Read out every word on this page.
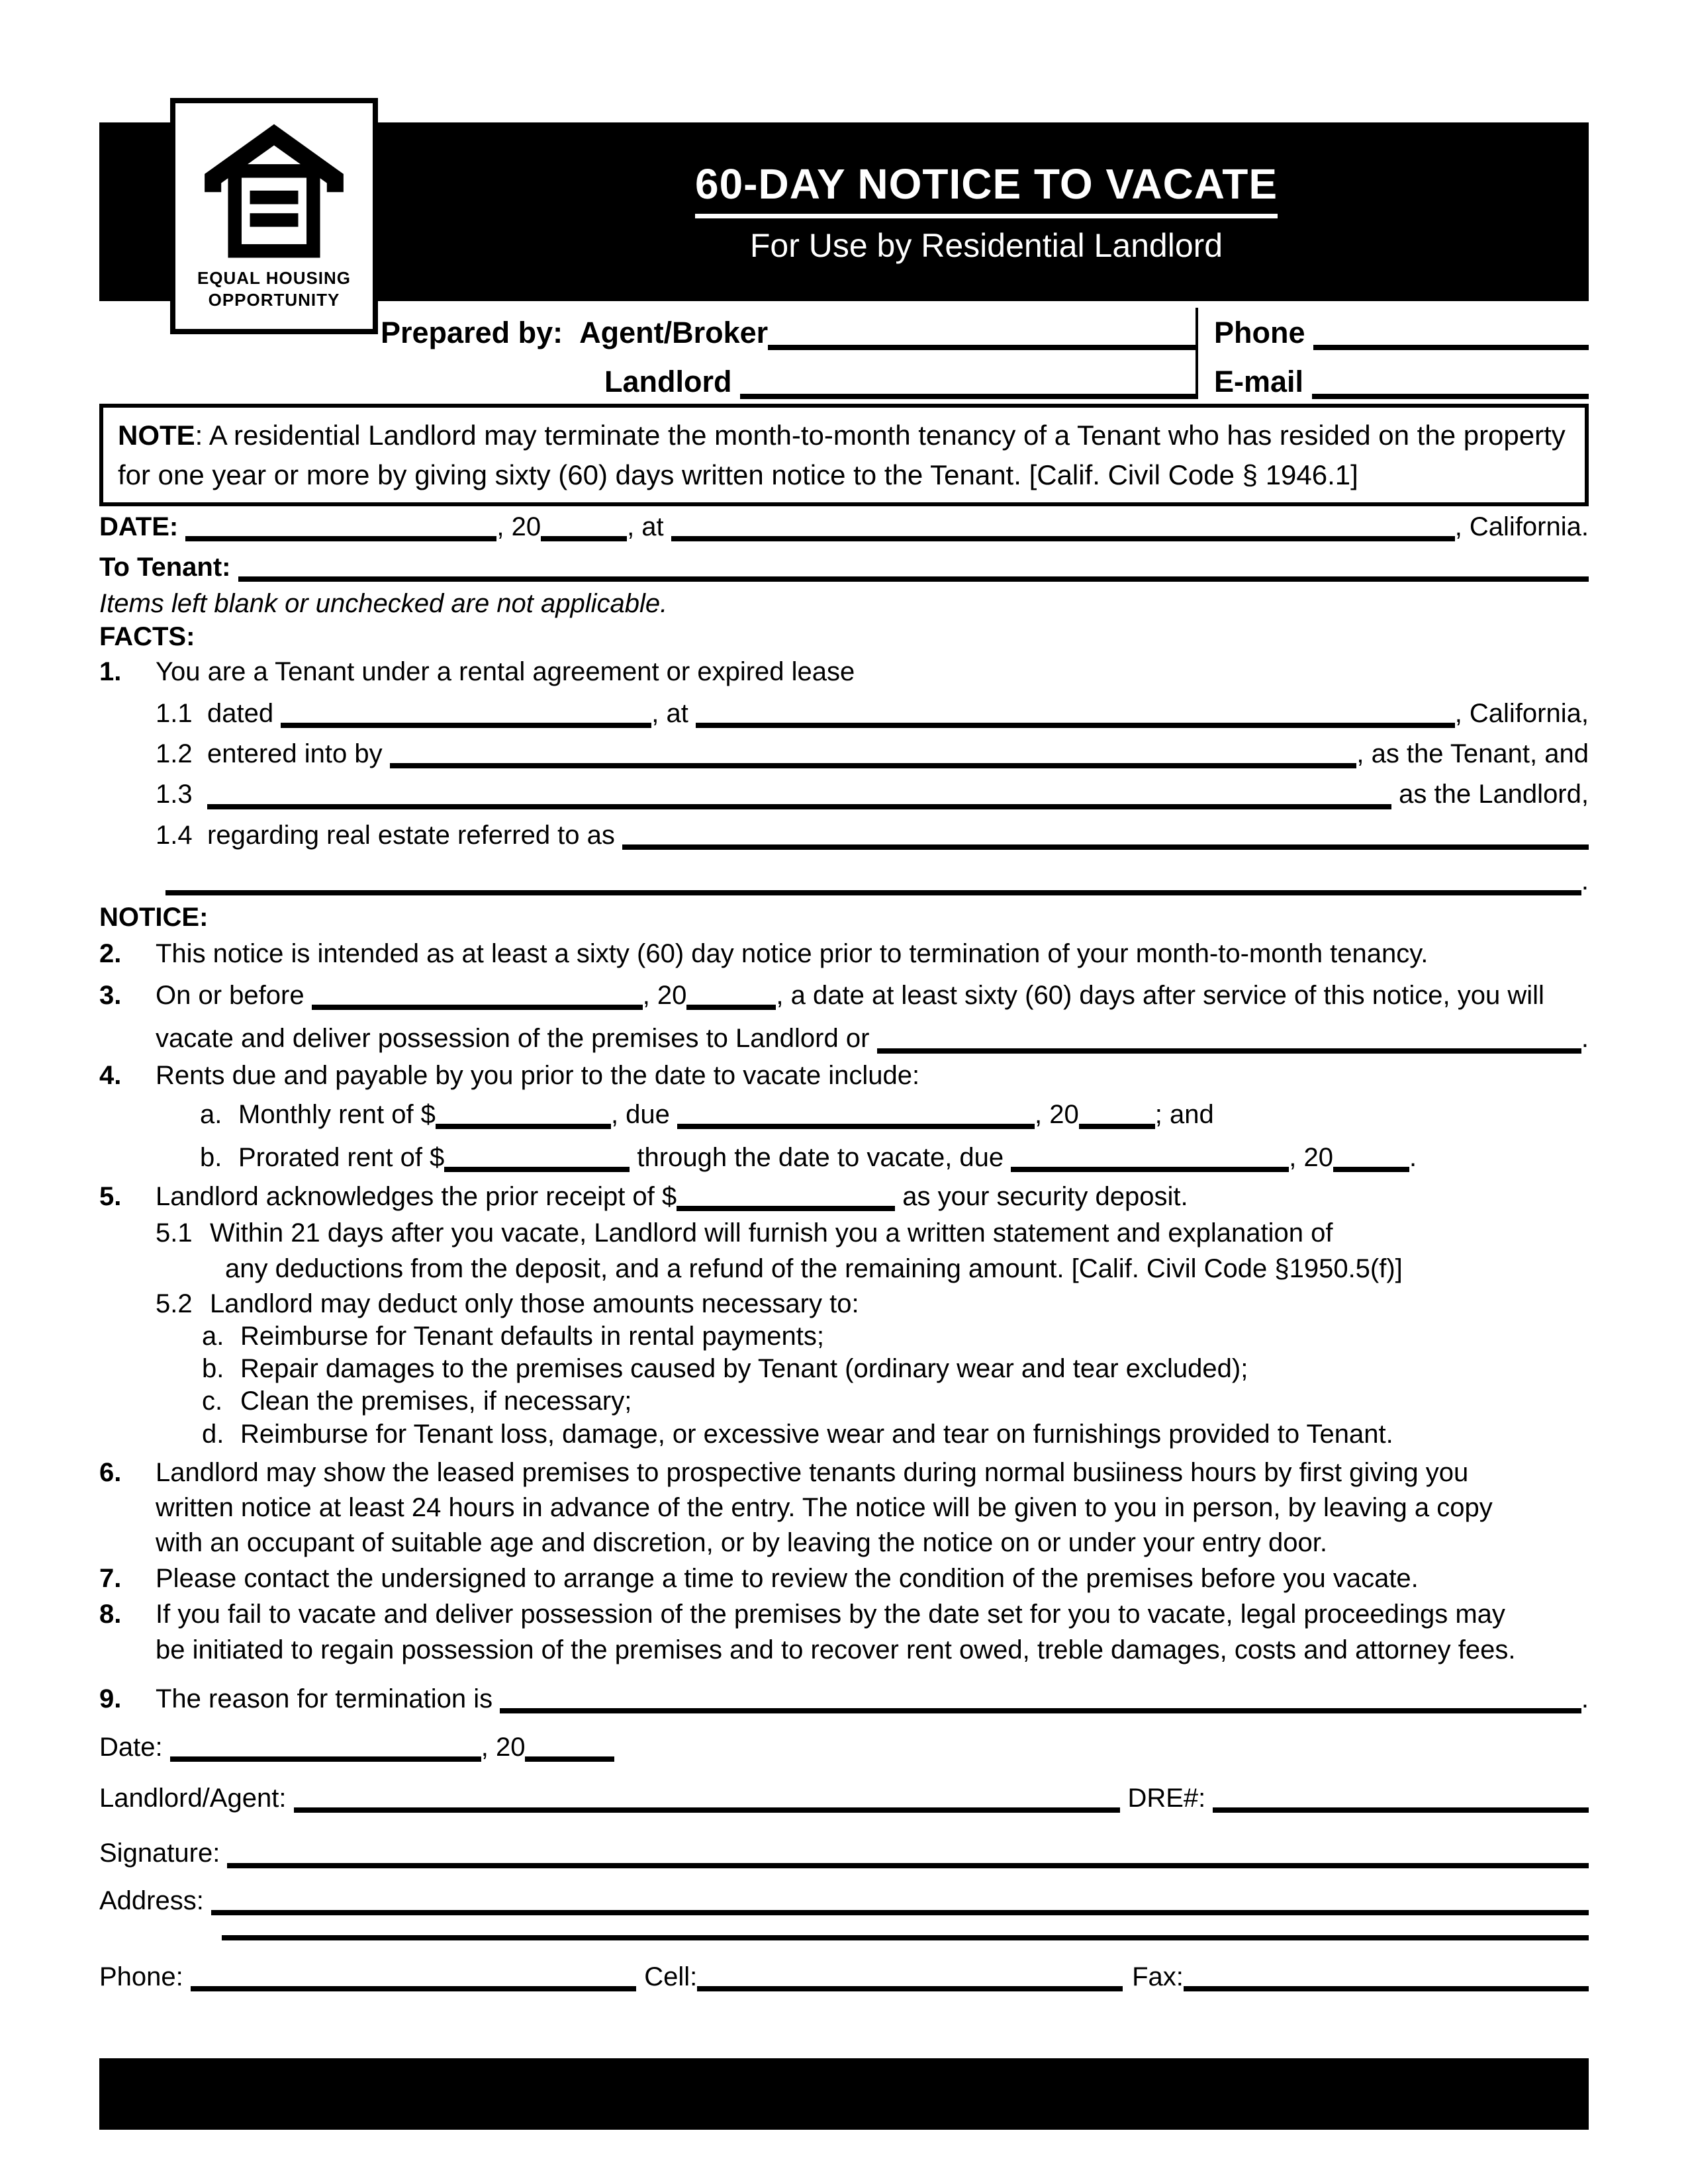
60-DAY NOTICE TO VACATE
For Use by Residential Landlord
EQUAL HOUSING
OPPORTUNITY
Prepared by: Agent/Broker
Landlord
Phone
E-mail
NOTE: A residential Landlord may terminate the month-to-month tenancy of a Tenant who has resided on the property for one year or more by giving sixty (60) days written notice to the Tenant. [Calif. Civil Code § 1946.1]
DATE:	, 20	, at	, California.
To Tenant:
Items left blank or unchecked are not applicable.
FACTS:
1.	You are a Tenant under a rental agreement or expired lease
1.1 dated	, at	, California,
1.2 entered into by	, as the Tenant, and
1.3	as the Landlord,
1.4 regarding real estate referred to as
.
NOTICE:
2.	This notice is intended as at least a sixty (60) day notice prior to termination of your month-to-month tenancy.
3.	On or before	, 20	, a date at least sixty (60) days after service of this notice, you will
vacate and deliver possession of the premises to Landlord or	.
4.	Rents due and payable by you prior to the date to vacate include:
a. Monthly rent of $	, due	, 20	; and
b. Prorated rent of $	through the date to vacate, due	, 20	.
5.	Landlord acknowledges the prior receipt of $	as your security deposit.
5.1 Within 21 days after you vacate, Landlord will furnish you a written statement and explanation of
any deductions from the deposit, and a refund of the remaining amount. [Calif. Civil Code §1950.5(f)]
5.2 Landlord may deduct only those amounts necessary to:
a. Reimburse for Tenant defaults in rental payments;
b. Repair damages to the premises caused by Tenant (ordinary wear and tear excluded);
c. Clean the premises, if necessary;
d. Reimburse for Tenant loss, damage, or excessive wear and tear on furnishings provided to Tenant.
6. Landlord may show the leased premises to prospective tenants during normal busiiness hours by first giving you
written notice at least 24 hours in advance of the entry. The notice will be given to you in person, by leaving a copy
with an occupant of suitable age and discretion, or by leaving the notice on or under your entry door.
7.	Please contact the undersigned to arrange a time to review the condition of the premises before you vacate.
8. If you fail to vacate and deliver possession of the premises by the date set for you to vacate, legal proceedings may
be initiated to regain possession of the premises and to recover rent owed, treble damages, costs and attorney fees.
9.	The reason for termination is	.
Date:	, 20
Landlord/Agent:	DRE#:
Signature:
Address:
Phone:	Cell:	Fax:
